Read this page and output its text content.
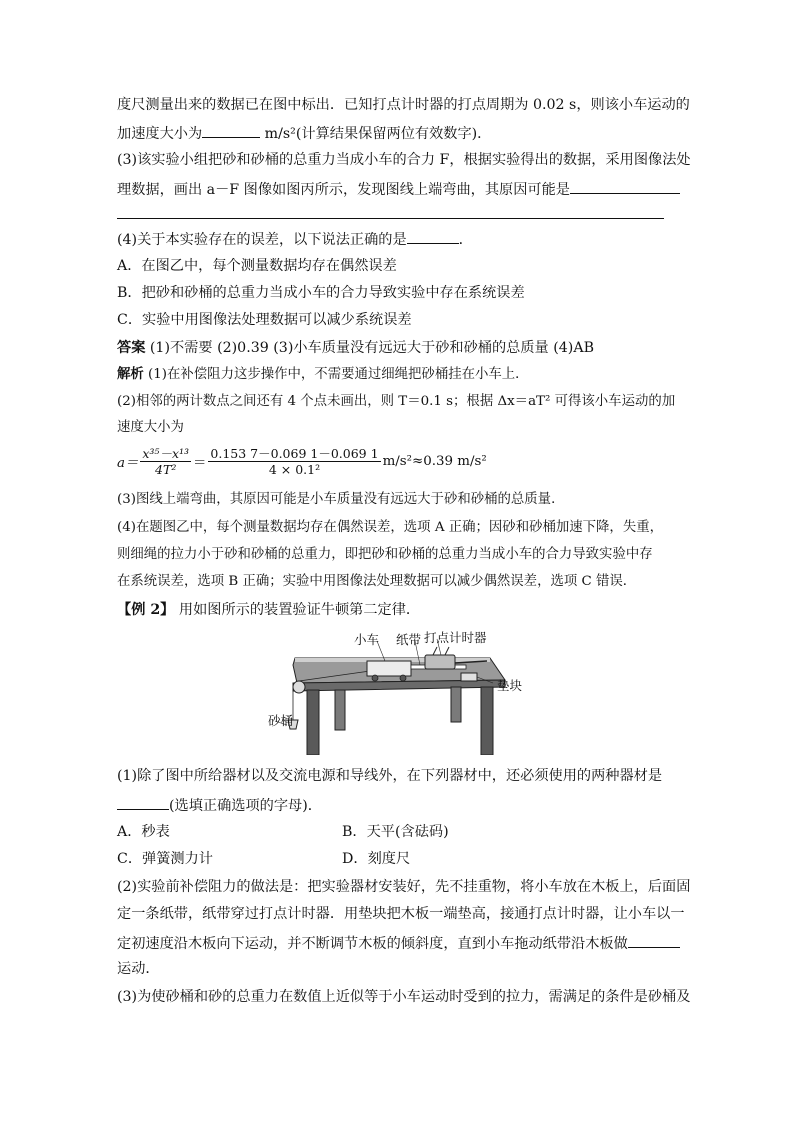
度尺测量出来的数据已在图中标出．已知打点计时器的打点周期为 0.02 s，则该小车运动的
加速度大小为	m/s²(计算结果保留两位有效数字)．
(3)该实验小组把砂和砂桶的总重力当成小车的合力 F，根据实验得出的数据，采用图像法处
理数据，画出 a－F 图像如图丙所示，发现图线上端弯曲，其原因可能是
(4)关于本实验存在的误差，以下说法正确的是	．
A．在图乙中，每个测量数据均存在偶然误差
B．把砂和砂桶的总重力当成小车的合力导致实验中存在系统误差
C．实验中用图像法处理数据可以减少系统误差
答案 (1)不需要 (2)0.39 (3)小车质量没有远远大于砂和砂桶的总质量 (4)AB
解析 (1)在补偿阻力这步操作中，不需要通过细绳把砂桶挂在小车上．
(2)相邻的两计数点之间还有 4 个点未画出，则 T＝0.1 s；根据 Δx＝aT² 可得该小车运动的加
速度大小为
$a= \frac{\text{x³⁵－x¹³}}{\text{4T²}} = \frac{0.153 7-0.069 1-0.069 1}{\text{4 × 0.1²}} m/s^2\approx 0.39$ m/s²
(3)图线上端弯曲，其原因可能是小车质量没有远远大于砂和砂桶的总质量．
(4)在题图乙中，每个测量数据均存在偶然误差，选项 A 正确；因砂和砂桶加速下降，失重，
则细绳的拉力小于砂和砂桶的总重力，即把砂和砂桶的总重力当成小车的合力导致实验中存
在系统误差，选项 B 正确；实验中用图像法处理数据可以减少偶然误差，选项 C 错误．
【例 2】 用如图所示的装置验证牛顿第二定律．
小车 纸带 打点计时器
垫块
砂桶
(1)除了图中所给器材以及交流电源和导线外，在下列器材中，还必须使用的两种器材是
(选填正确选项的字母)．
A．秒表	B．天平(含砝码)
C．弹簧测力计	D．刻度尺
(2)实验前补偿阻力的做法是：把实验器材安装好，先不挂重物，将小车放在木板上，后面固
定一条纸带，纸带穿过打点计时器．用垫块把木板一端垫高，接通打点计时器，让小车以一
定初速度沿木板向下运动，并不断调节木板的倾斜度，直到小车拖动纸带沿木板做
运动．
(3)为使砂桶和砂的总重力在数值上近似等于小车运动时受到的拉力，需满足的条件是砂桶及
